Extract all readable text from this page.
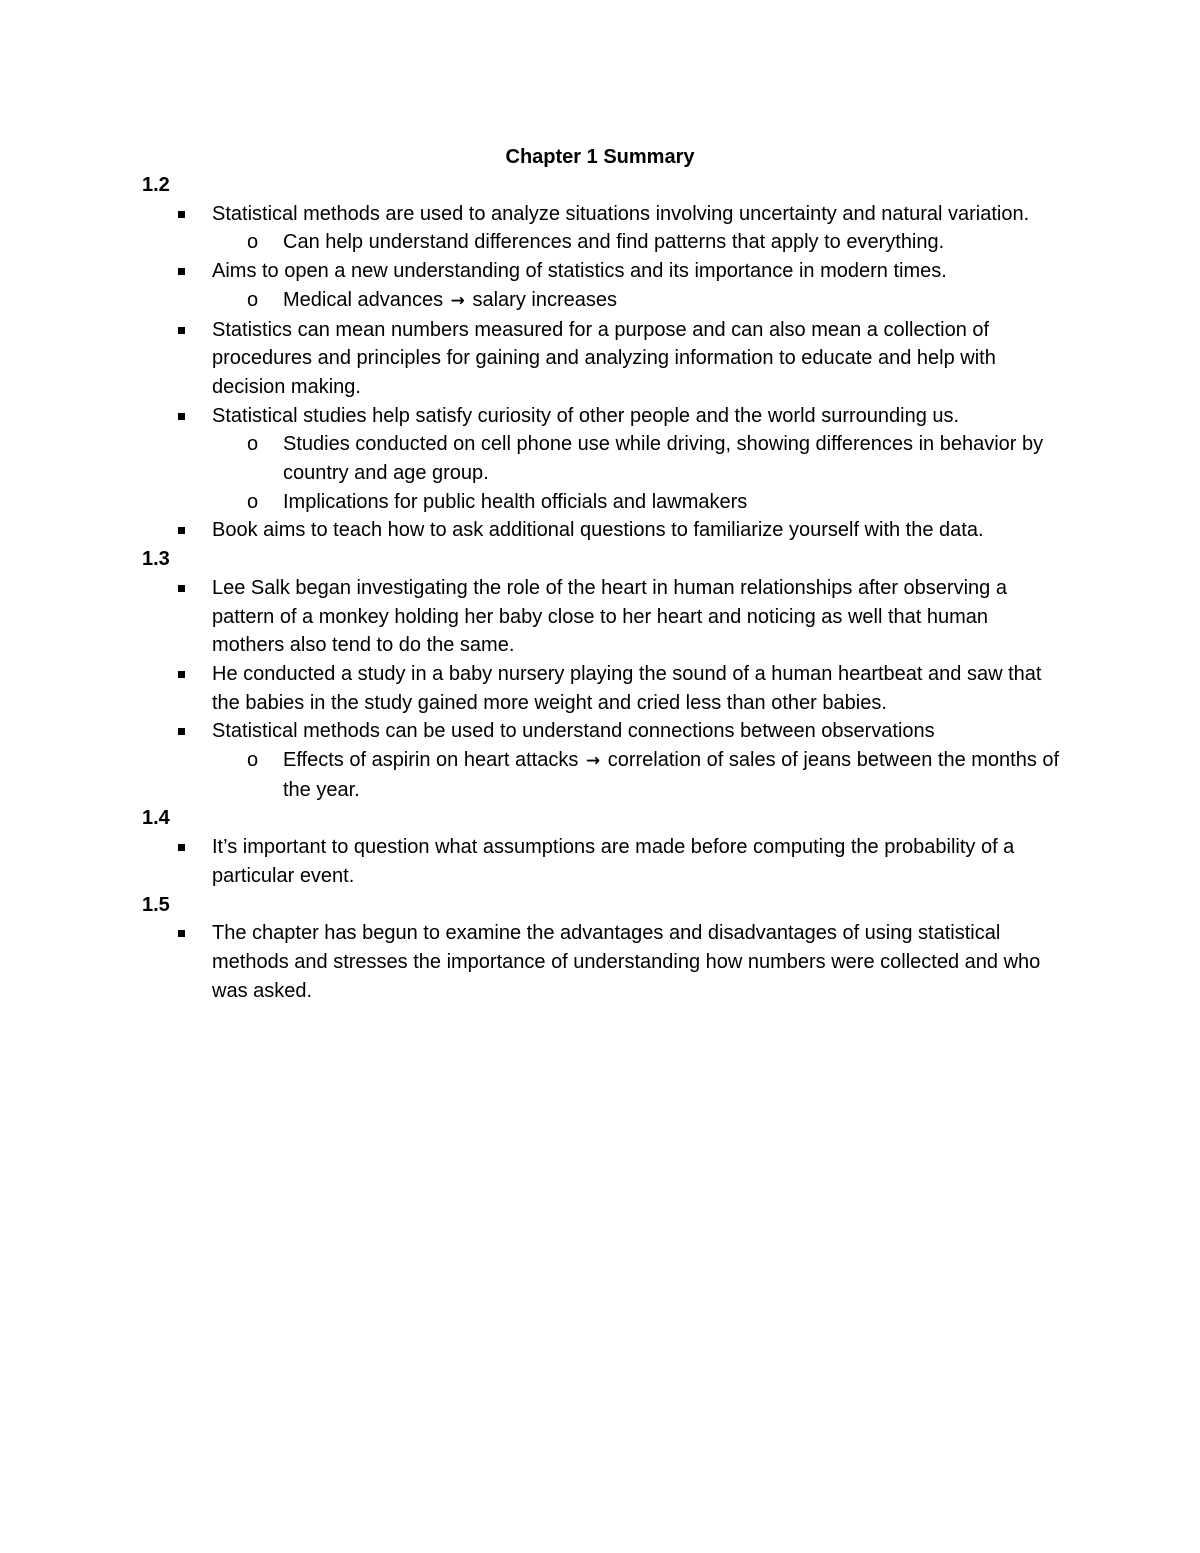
Chapter 1 Summary
1.2
Statistical methods are used to analyze situations involving uncertainty and natural variation.
o Can help understand differences and find patterns that apply to everything.
Aims to open a new understanding of statistics and its importance in modern times.
o Medical advances → salary increases
Statistics can mean numbers measured for a purpose and can also mean a collection of procedures and principles for gaining and analyzing information to educate and help with decision making.
Statistical studies help satisfy curiosity of other people and the world surrounding us.
o Studies conducted on cell phone use while driving, showing differences in behavior by country and age group.
o Implications for public health officials and lawmakers
Book aims to teach how to ask additional questions to familiarize yourself with the data.
1.3
Lee Salk began investigating the role of the heart in human relationships after observing a pattern of a monkey holding her baby close to her heart and noticing as well that human mothers also tend to do the same.
He conducted a study in a baby nursery playing the sound of a human heartbeat and saw that the babies in the study gained more weight and cried less than other babies.
Statistical methods can be used to understand connections between observations
o Effects of aspirin on heart attacks → correlation of sales of jeans between the months of the year.
1.4
It’s important to question what assumptions are made before computing the probability of a particular event.
1.5
The chapter has begun to examine the advantages and disadvantages of using statistical methods and stresses the importance of understanding how numbers were collected and who was asked.
